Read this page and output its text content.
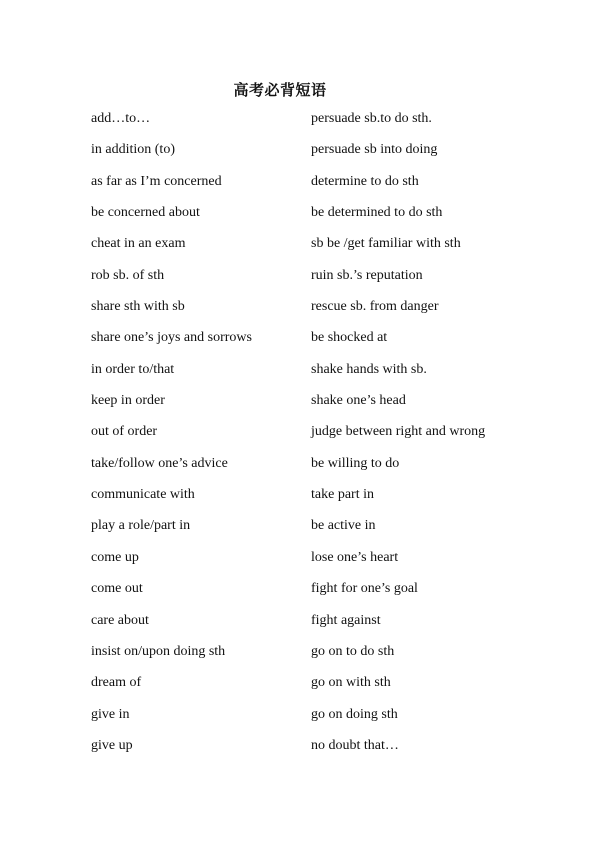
高考必背短语
add…to…	persuade sb.to do sth.
in addition (to)	persuade sb into doing
as far as I’m concerned	determine to do sth
be concerned about	be determined to do sth
cheat in an exam	sb be /get familiar with sth
rob sb. of sth	ruin sb.’s reputation
share sth with sb	rescue sb. from danger
share one’s joys and sorrows	be shocked at
in order to/that	shake hands with sb.
keep in order	shake one’s head
out of order	judge between right and wrong
take/follow one’s advice	be willing to do
communicate with	take part in
play a role/part in	be active in
come up	lose one’s heart
come out	fight for one’s goal
care about	fight against
insist on/upon doing sth	go on to do sth
dream of	go on with sth
give in	go on doing sth
give up	no doubt that…
